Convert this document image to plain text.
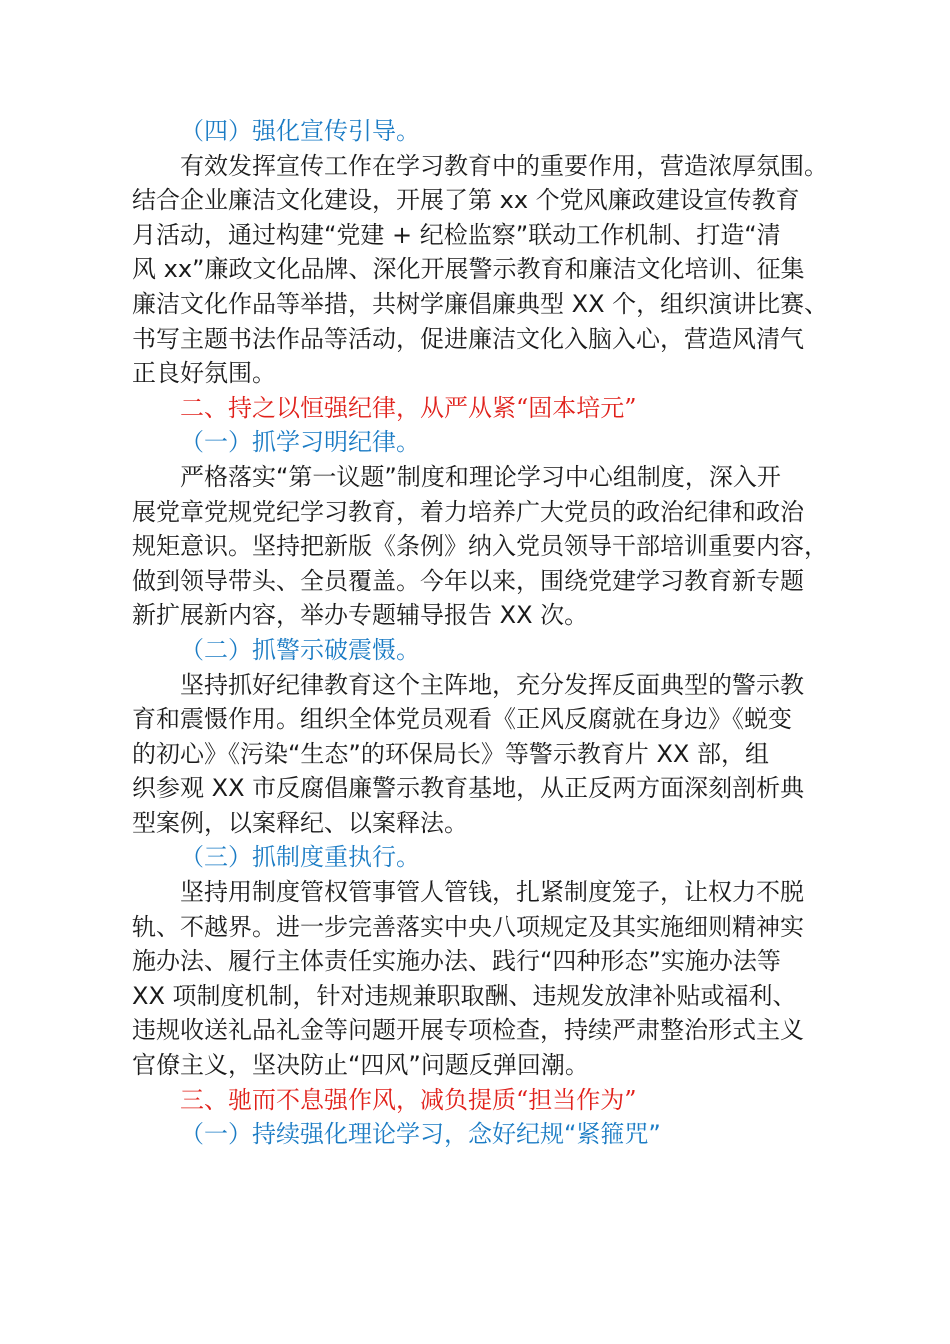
（四）强化宣传引导。
有效发挥宣传工作在学习教育中的重要作用，营造浓厚氛围。
结合企业廉洁文化建设，开展了第 xx 个党风廉政建设宣传教育
月活动，通过构建“党建 + 纪检监察”联动工作机制、打造“清
风 xx”廉政文化品牌、深化开展警示教育和廉洁文化培训、征集
廉洁文化作品等举措，共树学廉倡廉典型 XX 个，组织演讲比赛、
书写主题书法作品等活动，促进廉洁文化入脑入心，营造风清气
正良好氛围。
二、持之以恒强纪律，从严从紧“固本培元”
（一）抓学习明纪律。
严格落实“第一议题”制度和理论学习中心组制度，深入开
展党章党规党纪学习教育，着力培养广大党员的政治纪律和政治
规矩意识。坚持把新版《条例》纳入党员领导干部培训重要内容，
做到领导带头、全员覆盖。今年以来，围绕党建学习教育新专题
新扩展新内容，举办专题辅导报告 XX 次。
（二）抓警示破震慑。
坚持抓好纪律教育这个主阵地，充分发挥反面典型的警示教
育和震慑作用。组织全体党员观看《正风反腐就在身边》《蜕变
的初心》《污染“生态”的环保局长》等警示教育片 XX 部，组
织参观 XX 市反腐倡廉警示教育基地，从正反两方面深刻剖析典
型案例，以案释纪、以案释法。
（三）抓制度重执行。
坚持用制度管权管事管人管钱，扎紧制度笼子，让权力不脱
轨、不越界。进一步完善落实中央八项规定及其实施细则精神实
施办法、履行主体责任实施办法、践行“四种形态”实施办法等
XX 项制度机制，针对违规兼职取酬、违规发放津补贴或福利、
违规收送礼品礼金等问题开展专项检查，持续严肃整治形式主义
官僚主义，坚决防止“四风”问题反弹回潮。
三、驰而不息强作风，减负提质“担当作为”
（一）持续强化理论学习，念好纪规“紧箍咒”
